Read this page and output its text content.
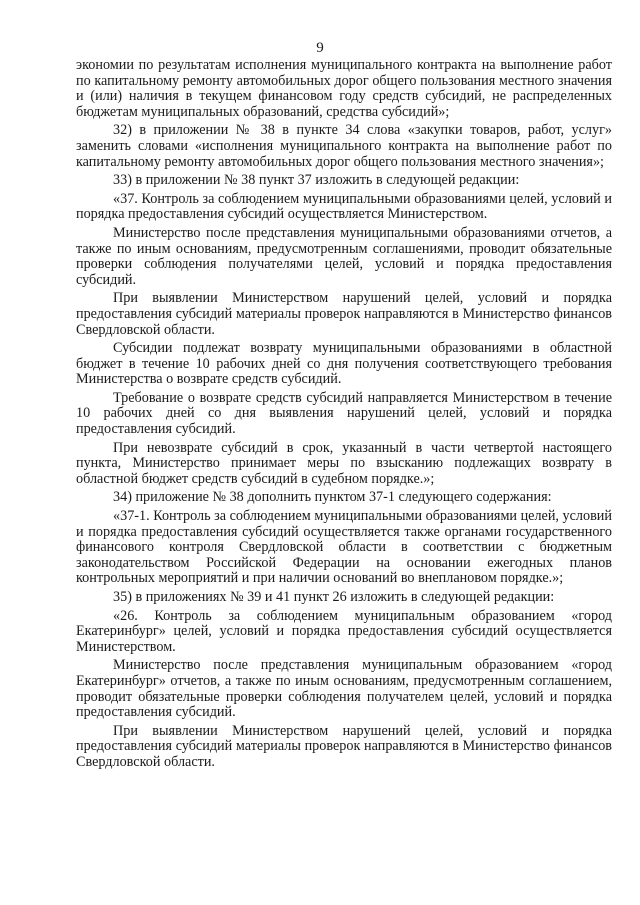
9

экономии по результатам исполнения муниципального контракта на выполнение работ по капитальному ремонту автомобильных дорог общего пользования местного значения и (или) наличия в текущем финансовом году средств субсидий, не распределенных бюджетам муниципальных образований, средства субсидий»;

32) в приложении № 38 в пункте 34 слова «закупки товаров, работ, услуг» заменить словами «исполнения муниципального контракта на выполнение работ по капитальному ремонту автомобильных дорог общего пользования местного значения»;

33) в приложении № 38 пункт 37 изложить в следующей редакции:

«37. Контроль за соблюдением муниципальными образованиями целей, условий и порядка предоставления субсидий осуществляется Министерством.

Министерство после представления муниципальными образованиями отчетов, а также по иным основаниям, предусмотренным соглашениями, проводит обязательные проверки соблюдения получателями целей, условий и порядка предоставления субсидий.

При выявлении Министерством нарушений целей, условий и порядка предоставления субсидий материалы проверок направляются в Министерство финансов Свердловской области.

Субсидии подлежат возврату муниципальными образованиями в областной бюджет в течение 10 рабочих дней со дня получения соответствующего требования Министерства о возврате средств субсидий.

Требование о возврате средств субсидий направляется Министерством в течение 10 рабочих дней со дня выявления нарушений целей, условий и порядка предоставления субсидий.

При невозврате субсидий в срок, указанный в части четвертой настоящего пункта, Министерство принимает меры по взысканию подлежащих возврату в областной бюджет средств субсидий в судебном порядке.»;

34) приложение № 38 дополнить пунктом 37-1 следующего содержания:

«37-1. Контроль за соблюдением муниципальными образованиями целей, условий и порядка предоставления субсидий осуществляется также органами государственного финансового контроля Свердловской области в соответствии с бюджетным законодательством Российской Федерации на основании ежегодных планов контрольных мероприятий и при наличии оснований во внеплановом порядке.»;

35) в приложениях № 39 и 41 пункт 26 изложить в следующей редакции:

«26. Контроль за соблюдением муниципальным образованием «город Екатеринбург» целей, условий и порядка предоставления субсидий осуществляется Министерством.

Министерство после представления муниципальным образованием «город Екатеринбург» отчетов, а также по иным основаниям, предусмотренным соглашением, проводит обязательные проверки соблюдения получателем целей, условий и порядка предоставления субсидий.

При выявлении Министерством нарушений целей, условий и порядка предоставления субсидий материалы проверок направляются в Министерство финансов Свердловской области.
